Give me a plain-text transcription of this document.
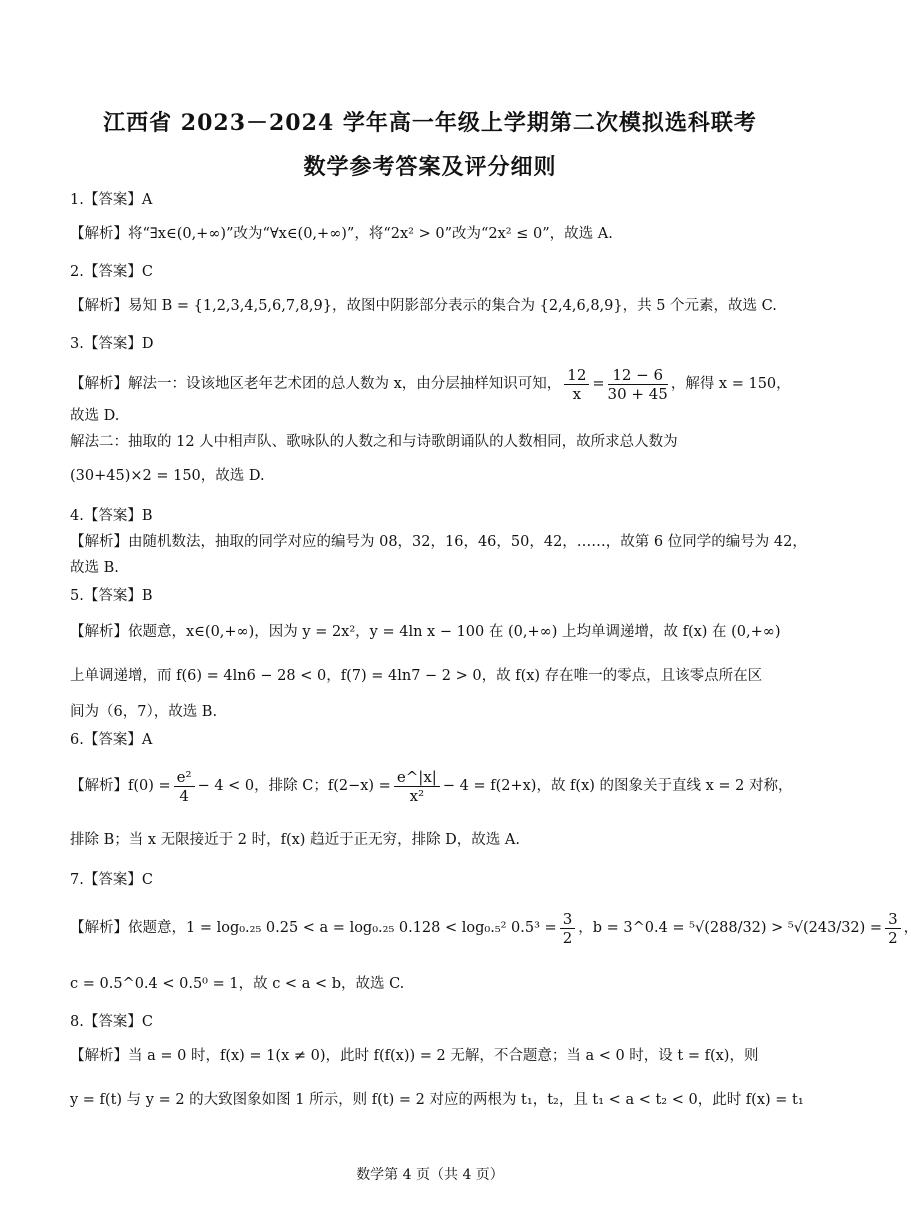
江西省 2023－2024 学年高一年级上学期第二次模拟选科联考
数学参考答案及评分细则
1.【答案】A
【解析】将“∃x∈(0,+∞)”改为“∀x∈(0,+∞)”，将“2x² > 0”改为“2x² ≤ 0”，故选 A.
2.【答案】C
【解析】易知 B = {1,2,3,4,5,6,7,8,9}，故图中阴影部分表示的集合为 {2,4,6,8,9}，共 5 个元素，故选 C.
3.【答案】D
【解析】解法一：设该地区老年艺术团的总人数为 x，由分层抽样知识可知， $\frac{12}{x} = \frac{12 - 6}{30 + 45}$ ，解得 x = 150，
故选 D.
解法二：抽取的 12 人中相声队、歌咏队的人数之和与诗歌朗诵队的人数相同，故所求总人数为
(30+45)×2 = 150，故选 D.
4.【答案】B
【解析】由随机数法，抽取的同学对应的编号为 08，32，16，46，50，42，……，故第 6 位同学的编号为 42，
故选 B.
5.【答案】B
【解析】依题意，x∈(0,+∞)，因为 y = 2x²，y = 4ln x − 100 在 (0,+∞) 上均单调递增，故 f(x) 在 (0,+∞)
上单调递增，而 f(6) = 4ln6 − 28 < 0，f(7) = 4ln7 − 2 > 0，故 f(x) 存在唯一的零点，且该零点所在区
间为（6，7），故选 B.
6.【答案】A
【解析】$f(0) = \frac{\text{e²}}{4} - 4 < 0$，排除 C；$f(2-x) = \frac{e\^{}|x|}{\text{x²}} - 4 = f(2+x)$，故 f(x) 的图象关于直线 x = 2 对称，
排除 B；当 x 无限接近于 2 时，f(x) 趋近于正无穷，排除 D，故选 A.
7.【答案】C
【解析】依题意，1 = log₀.₂₅ 0.25 < a = log₀.₂₅ 0.128 < log₀.₅² $0.5^3 = \frac{3}{2}$ ，b = 3^0.4 = $^5√(288/32) > ^5√(243/32) = \frac{3}{2}$ ，
c = 0.5^0.4 < 0.5⁰ = 1，故 c < a < b，故选 C.
8.【答案】C
【解析】当 a = 0 时，f(x) = 1(x ≠ 0)，此时 f(f(x)) = 2 无解，不合题意；当 a < 0 时，设 t = f(x)，则
y = f(t) 与 y = 2 的大致图象如图 1 所示，则 f(t) = 2 对应的两根为 t₁，t₂，且 t₁ < a < t₂ < 0，此时 f(x) = t₁
数学第 4 页（共 4 页）
